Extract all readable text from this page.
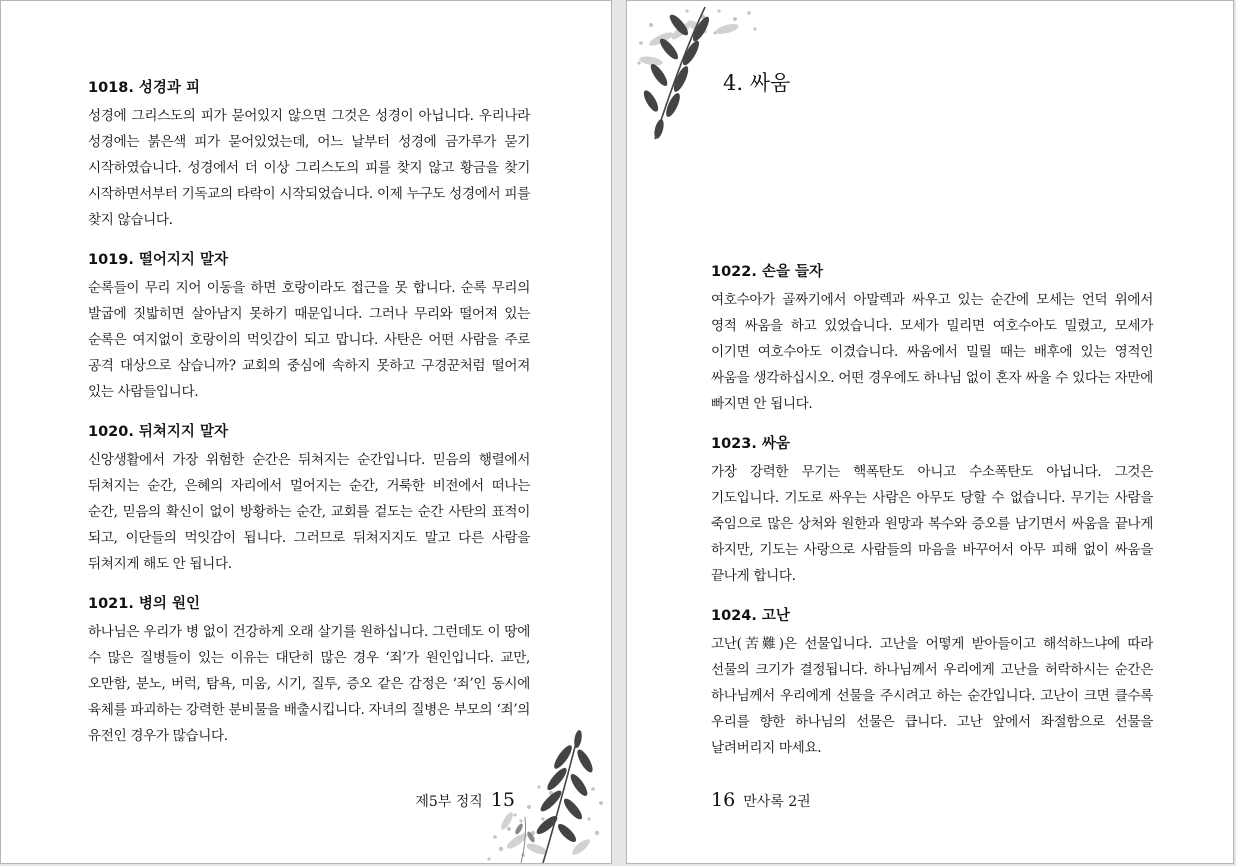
1018. 성경과 피

성경에 그리스도의 피가 묻어있지 않으면 그것은 성경이 아닙니다. 우리나라 성경에는 붉은색 피가 묻어있었는데, 어느 날부터 성경에 금가루가 묻기 시작하였습니다. 성경에서 더 이상 그리스도의 피를 찾지 않고 황금을 찾기 시작하면서부터 기독교의 타락이 시작되었습니다. 이제 누구도 성경에서 피를 찾지 않습니다.

1019. 떨어지지 말자

순록들이 무리 지어 이동을 하면 호랑이라도 접근을 못 합니다. 순록 무리의 발굽에 짓밟히면 살아남지 못하기 때문입니다. 그러나 무리와 떨어져 있는 순록은 여지없이 호랑이의 먹잇감이 되고 맙니다. 사탄은 어떤 사람을 주로 공격 대상으로 삼습니까? 교회의 중심에 속하지 못하고 구경꾼처럼 떨어져 있는 사람들입니다.

1020. 뒤쳐지지 말자

신앙생활에서 가장 위험한 순간은 뒤쳐지는 순간입니다. 믿음의 행렬에서 뒤쳐지는 순간, 은혜의 자리에서 멀어지는 순간, 거룩한 비전에서 떠나는 순간, 믿음의 확신이 없이 방황하는 순간, 교회를 겉도는 순간 사탄의 표적이 되고, 이단들의 먹잇감이 됩니다. 그러므로 뒤쳐지지도 말고 다른 사람을 뒤쳐지게 해도 안 됩니다.

1021. 병의 원인

하나님은 우리가 병 없이 건강하게 오래 살기를 원하십니다. 그런데도 이 땅에 수 많은 질병들이 있는 이유는 대단히 많은 경우 ‘죄’가 원인입니다. 교만, 오만함, 분노, 버럭, 탐욕, 미움, 시기, 질투, 증오 같은 감정은 ‘죄’인 동시에 육체를 파괴하는 강력한 분비물을 배출시킵니다. 자녀의 질병은 부모의 ‘죄’의 유전인 경우가 많습니다.

제5부 정직 15
4. 싸움
1022. 손을 들자

여호수아가 골짜기에서 아말렉과 싸우고 있는 순간에 모세는 언덕 위에서 영적 싸움을 하고 있었습니다. 모세가 밀리면 여호수아도 밀렸고, 모세가 이기면 여호수아도 이겼습니다. 싸움에서 밀릴 때는 배후에 있는 영적인 싸움을 생각하십시오. 어떤 경우에도 하나님 없이 혼자 싸울 수 있다는 자만에 빠지면 안 됩니다.

1023. 싸움

가장 강력한 무기는 핵폭탄도 아니고 수소폭탄도 아닙니다. 그것은 기도입니다. 기도로 싸우는 사람은 아무도 당할 수 없습니다. 무기는 사람을 죽임으로 많은 상처와 원한과 원망과 복수와 증오를 남기면서 싸움을 끝나게 하지만, 기도는 사랑으로 사람들의 마음을 바꾸어서 아무 피해 없이 싸움을 끝나게 합니다.

1024. 고난

고난(苦難)은 선물입니다. 고난을 어떻게 받아들이고 해석하느냐에 따라 선물의 크기가 결정됩니다. 하나님께서 우리에게 고난을 허락하시는 순간은 하나님께서 우리에게 선물을 주시려고 하는 순간입니다. 고난이 크면 클수록 우리를 향한 하나님의 선물은 큽니다. 고난 앞에서 좌절함으로 선물을 날려버리지 마세요.

16 만사록 2권
